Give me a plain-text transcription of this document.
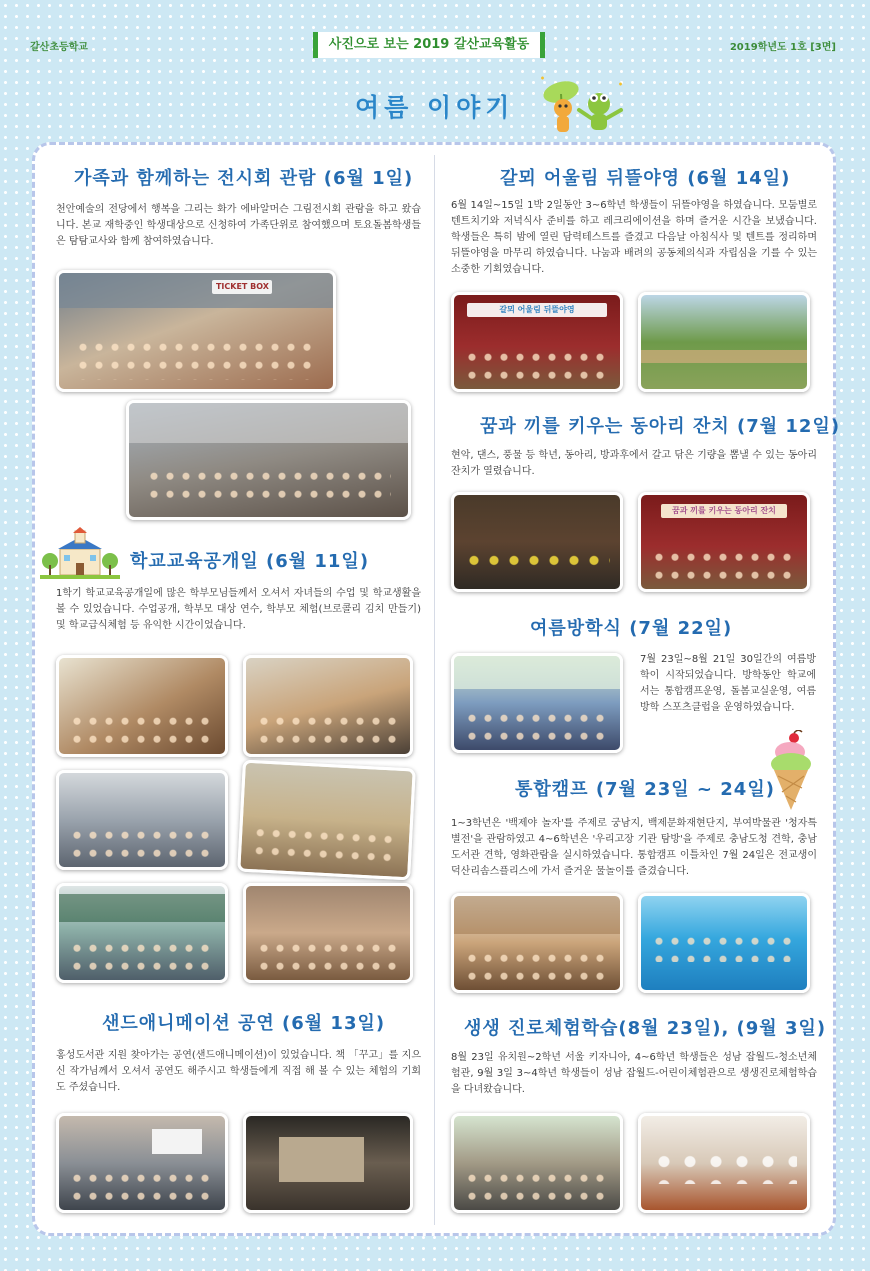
갈산초등학교	사진으로 보는 2019 갈산교육활동	2019학년도 1호 [3면]
여름 이야기
가족과 함께하는 전시회 관람 (6월 1일)
천안예술의 전당에서 행복을 그리는 화가 에바알머슨 그림전시회 관람을 하고 왔습니다. 본교 재학중인 학생대상으로 신청하여 가족단위로 참여했으며 토요돌봄학생들은 탐탐교사와 함께 참여하였습니다.
TICKET BOX
학교교육공개일 (6월 11일)
1학기 학교교육공개일에 많은 학부모님들께서 오셔서 자녀들의 수업 및 학교생활을 볼 수 있었습니다. 수업공개, 학부모 대상 연수, 학부모 체험(브로콜리 김치 만들기) 및 학교급식체험 등 유익한 시간이었습니다.
샌드애니메이션 공연 (6월 13일)
홍성도서관 지원 찾아가는 공연(샌드애니메이션)이 있었습니다. 책 「꾸고」를 지으신 작가님께서 오셔서 공연도 해주시고 학생들에게 직접 해 볼 수 있는 체험의 기회도 주셨습니다.
갈뫼 어울림 뒤뜰야영 (6월 14일)
6월 14일~15일 1박 2일동안 3~6학년 학생들이 뒤뜰야영을 하였습니다. 모둠별로 텐트치기와 저녁식사 준비를 하고 레크리에이션을 하며 즐거운 시간을 보냈습니다. 학생들은 특히 밤에 열린 담력테스트를 즐겼고 다음날 아침식사 및 텐트를 정리하며 뒤뜰야영을 마무리 하였습니다. 나눔과 배려의 공동체의식과 자립심을 기를 수 있는 소중한 기회였습니다.
갈뫼 어울림 뒤뜰야영
꿈과 끼를 키우는 동아리 잔치 (7월 12일)
현악, 댄스, 풍물 등 학년, 동아리, 방과후에서 갈고 닦은 기량을 뽐낼 수 있는 동아리잔치가 열렸습니다.
꿈과 끼를 키우는 동아리 잔치
여름방학식 (7월 22일)
7월 23일~8월 21일 30일간의 여름방학이 시작되었습니다. 방학동안 학교에서는 통합캠프운영, 돌봄교실운영, 여름방학 스포츠클럽을 운영하였습니다.
통합캠프 (7월 23일 ~ 24일)
1~3학년은 '백제야 놀자'를 주제로 궁남지, 백제문화재현단지, 부여박물관 '청자특별전'을 관람하였고 4~6학년은 '우리고장 기관 탐방'을 주제로 충남도청 견학, 충남도서관 견학, 영화관람을 실시하였습니다. 통합캠프 이틀차인 7월 24일은 전교생이 덕산리솜스플리스에 가서 즐거운 물놀이를 즐겼습니다.
생생 진로체험학습(8월 23일), (9월 3일)
8월 23일 유치원~2학년 서울 키자니아, 4~6학년 학생들은 성남 잡월드-청소년체험관, 9월 3일 3~4학년 학생들이 성남 잡월드-어린이체험관으로 생생진로체험학습을 다녀왔습니다.
